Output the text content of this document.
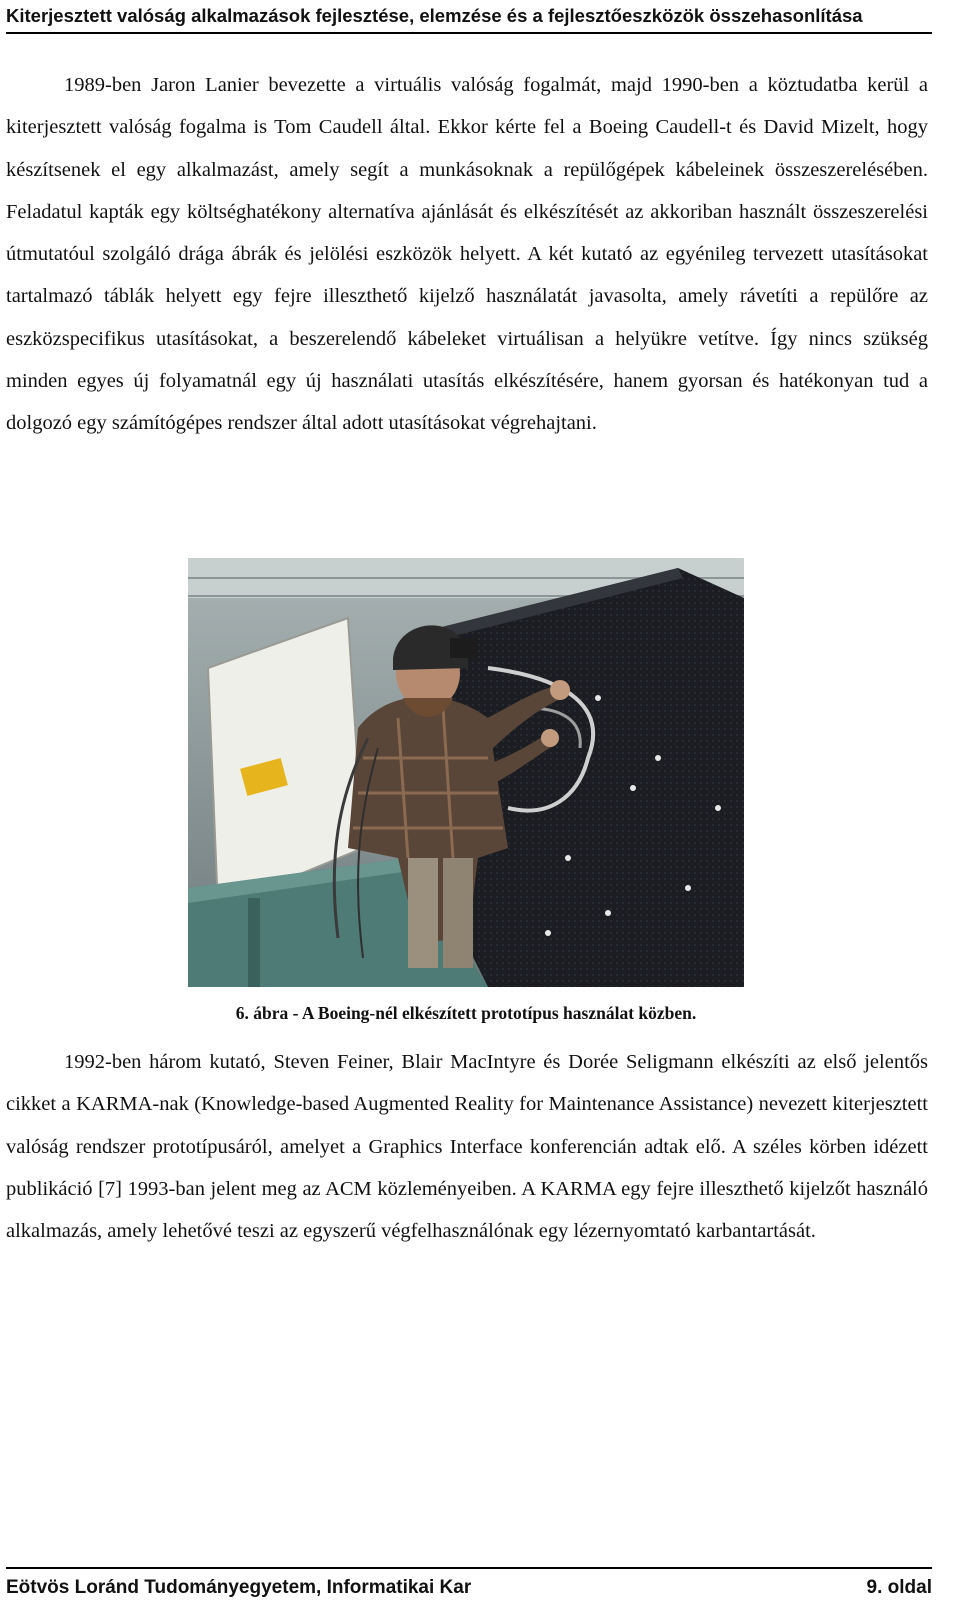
Kiterjesztett valóság alkalmazások fejlesztése, elemzése és a fejlesztőeszközök összehasonlítása

1989-ben Jaron Lanier bevezette a virtuális valóság fogalmát, majd 1990-ben a köztudatba kerül a kiterjesztett valóság fogalma is Tom Caudell által. Ekkor kérte fel a Boeing Caudell-t és David Mizelt, hogy készítsenek el egy alkalmazást, amely segít a munkásoknak a repülőgépek kábeleinek összeszerelésében. Feladatul kapták egy költséghatékony alternatíva ajánlását és elkészítését az akkoriban használt összeszerelési útmutatóul szolgáló drága ábrák és jelölési eszközök helyett. A két kutató az egyénileg tervezett utasításokat tartalmazó táblák helyett egy fejre illeszthető kijelző használatát javasolta, amely rávetíti a repülőre az eszközspecifikus utasításokat, a beszerelendő kábeleket virtuálisan a helyükre vetítve. Így nincs szükség minden egyes új folyamatnál egy új használati utasítás elkészítésére, hanem gyorsan és hatékonyan tud a dolgozó egy számítógépes rendszer által adott utasításokat végrehajtani.

6. ábra - A Boeing-nél elkészített prototípus használat közben.

1992-ben három kutató, Steven Feiner, Blair MacIntyre és Dorée Seligmann elkészíti az első jelentős cikket a KARMA-nak (Knowledge-based Augmented Reality for Maintenance Assistance) nevezett kiterjesztett valóság rendszer prototípusáról, amelyet a Graphics Interface konferencián adtak elő. A széles körben idézett publikáció [7] 1993-ban jelent meg az ACM közleményeiben. A KARMA egy fejre illeszthető kijelzőt használó alkalmazás, amely lehetővé teszi az egyszerű végfelhasználónak egy lézernyomtató karbantartását.

Eötvös Loránd Tudományegyetem, Informatikai Kar	9. oldal
